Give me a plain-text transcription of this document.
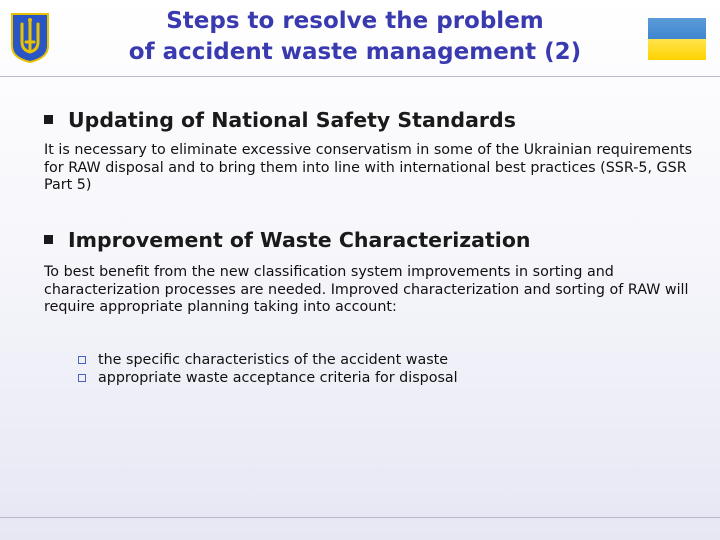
Steps to resolve the problem
of accident waste management (2)
Updating of National Safety Standards

It is necessary to eliminate excessive conservatism in some of the Ukrainian requirements for RAW disposal and to bring them into line with international best practices (SSR-5, GSR Part 5)

Improvement of Waste Characterization

To best benefit from the new classification system improvements in sorting and characterization processes are needed. Improved characterization and sorting of RAW will require appropriate planning taking into account:

the specific characteristics of the accident waste
appropriate waste acceptance criteria for disposal
